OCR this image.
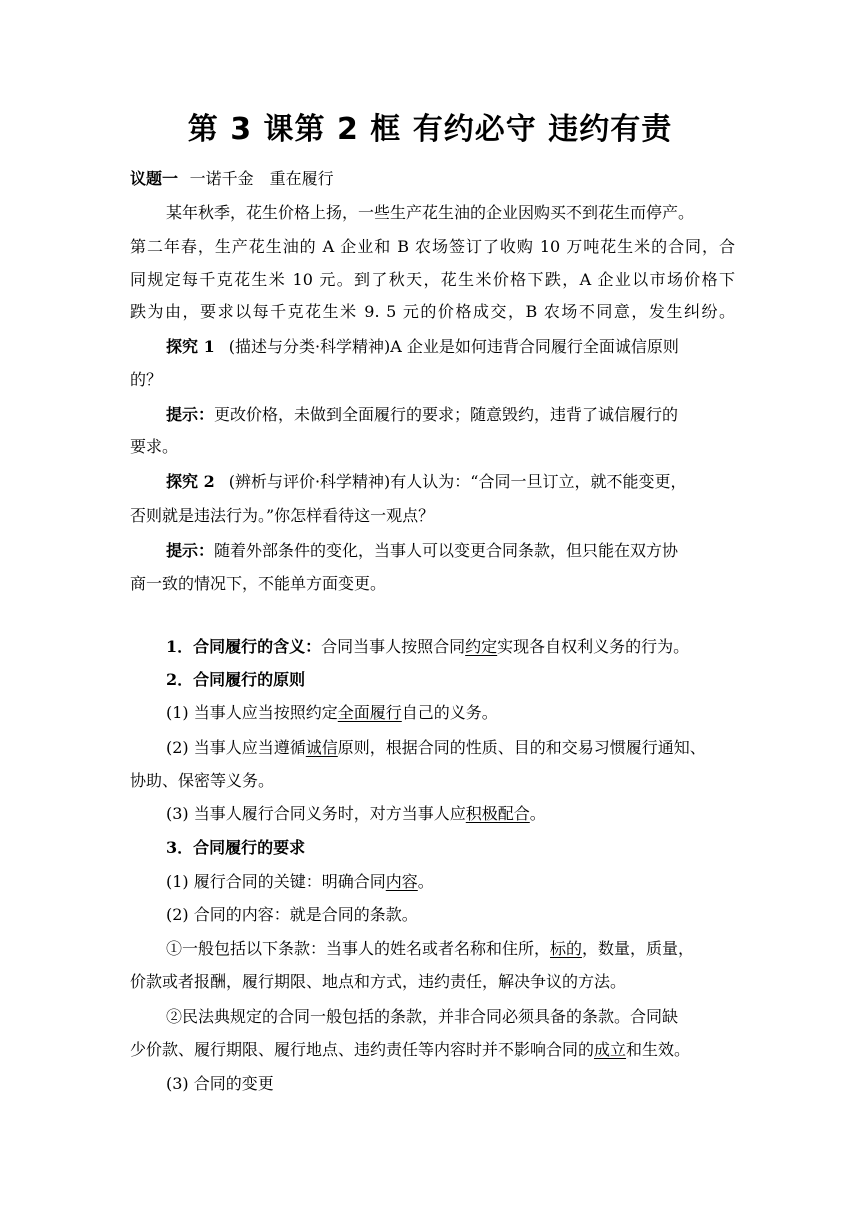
第 3 课第 2 框 有约必守 违约有责
议题一 一诺千金　重在履行
某年秋季，花生价格上扬，一些生产花生油的企业因购买不到花生而停产。
第二年春，生产花生油的 A 企业和 B 农场签订了收购 10 万吨花生米的合同，合
同规定每千克花生米 10 元。到了秋天，花生米价格下跌，A 企业以市场价格下
跌为由，要求以每千克花生米 9. 5 元的价格成交，B 农场不同意，发生纠纷。
探究 1 (描述与分类·科学精神)A 企业是如何违背合同履行全面诚信原则
的？
提示：更改价格，未做到全面履行的要求；随意毁约，违背了诚信履行的
要求。
探究 2 (辨析与评价·科学精神)有人认为：“合同一旦订立，就不能变更，
否则就是违法行为。”你怎样看待这一观点？
提示：随着外部条件的变化，当事人可以变更合同条款，但只能在双方协
商一致的情况下，不能单方面变更。
1．合同履行的含义：合同当事人按照合同约定实现各自权利义务的行为。
2．合同履行的原则
(1) 当事人应当按照约定全面履行自己的义务。
(2) 当事人应当遵循诚信原则，根据合同的性质、目的和交易习惯履行通知、
协助、保密等义务。
(3) 当事人履行合同义务时，对方当事人应积极配合。
3．合同履行的要求
(1) 履行合同的关键：明确合同内容。
(2) 合同的内容：就是合同的条款。
①一般包括以下条款：当事人的姓名或者名称和住所，标的，数量，质量，
价款或者报酬，履行期限、地点和方式，违约责任，解决争议的方法。
②民法典规定的合同一般包括的条款，并非合同必须具备的条款。合同缺
少价款、履行期限、履行地点、违约责任等内容时并不影响合同的成立和生效。
(3) 合同的变更
